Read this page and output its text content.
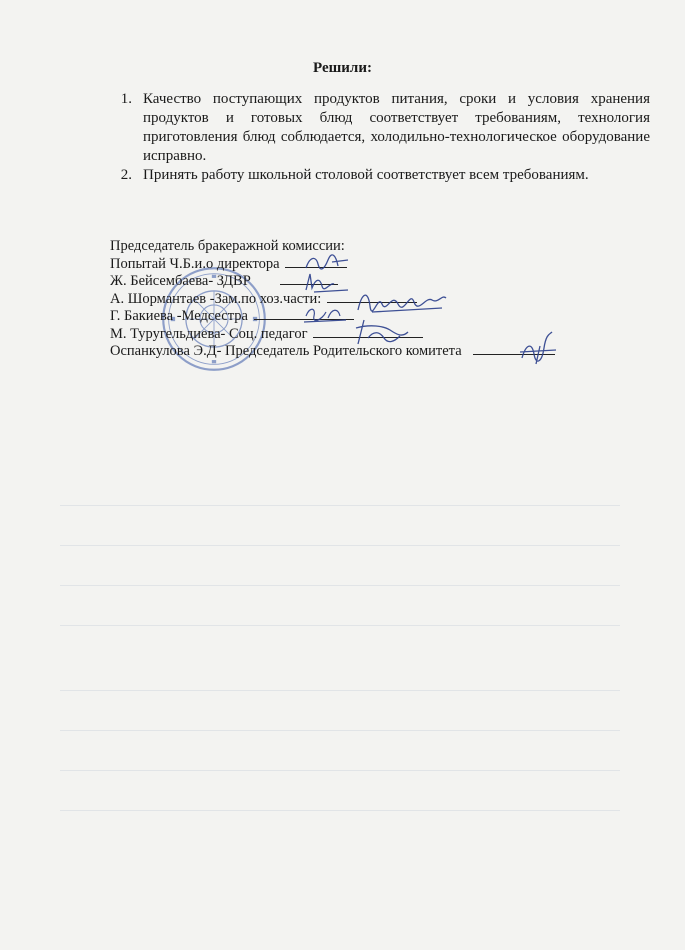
Решили:
1. Качество поступающих продуктов питания, сроки и условия хранения продуктов и готовых блюд соответствует требованиям, технология приготовления блюд соблюдается, холодильно-технологическое оборудование исправно.
2. Принять работу школьной столовой соответствует всем требованиям.
Председатель бракеражной комиссии:
Попытай Ч.Б.и.о директора
Ж. Бейсембаева- ЗДВР
А. Шормантаев -Зам.по хоз.части:
Г. Бакиева -Медсестра
М. Туругельдиева- Соц. педагог
Оспанкулова Э.Д- Председатель Родительского комитета
